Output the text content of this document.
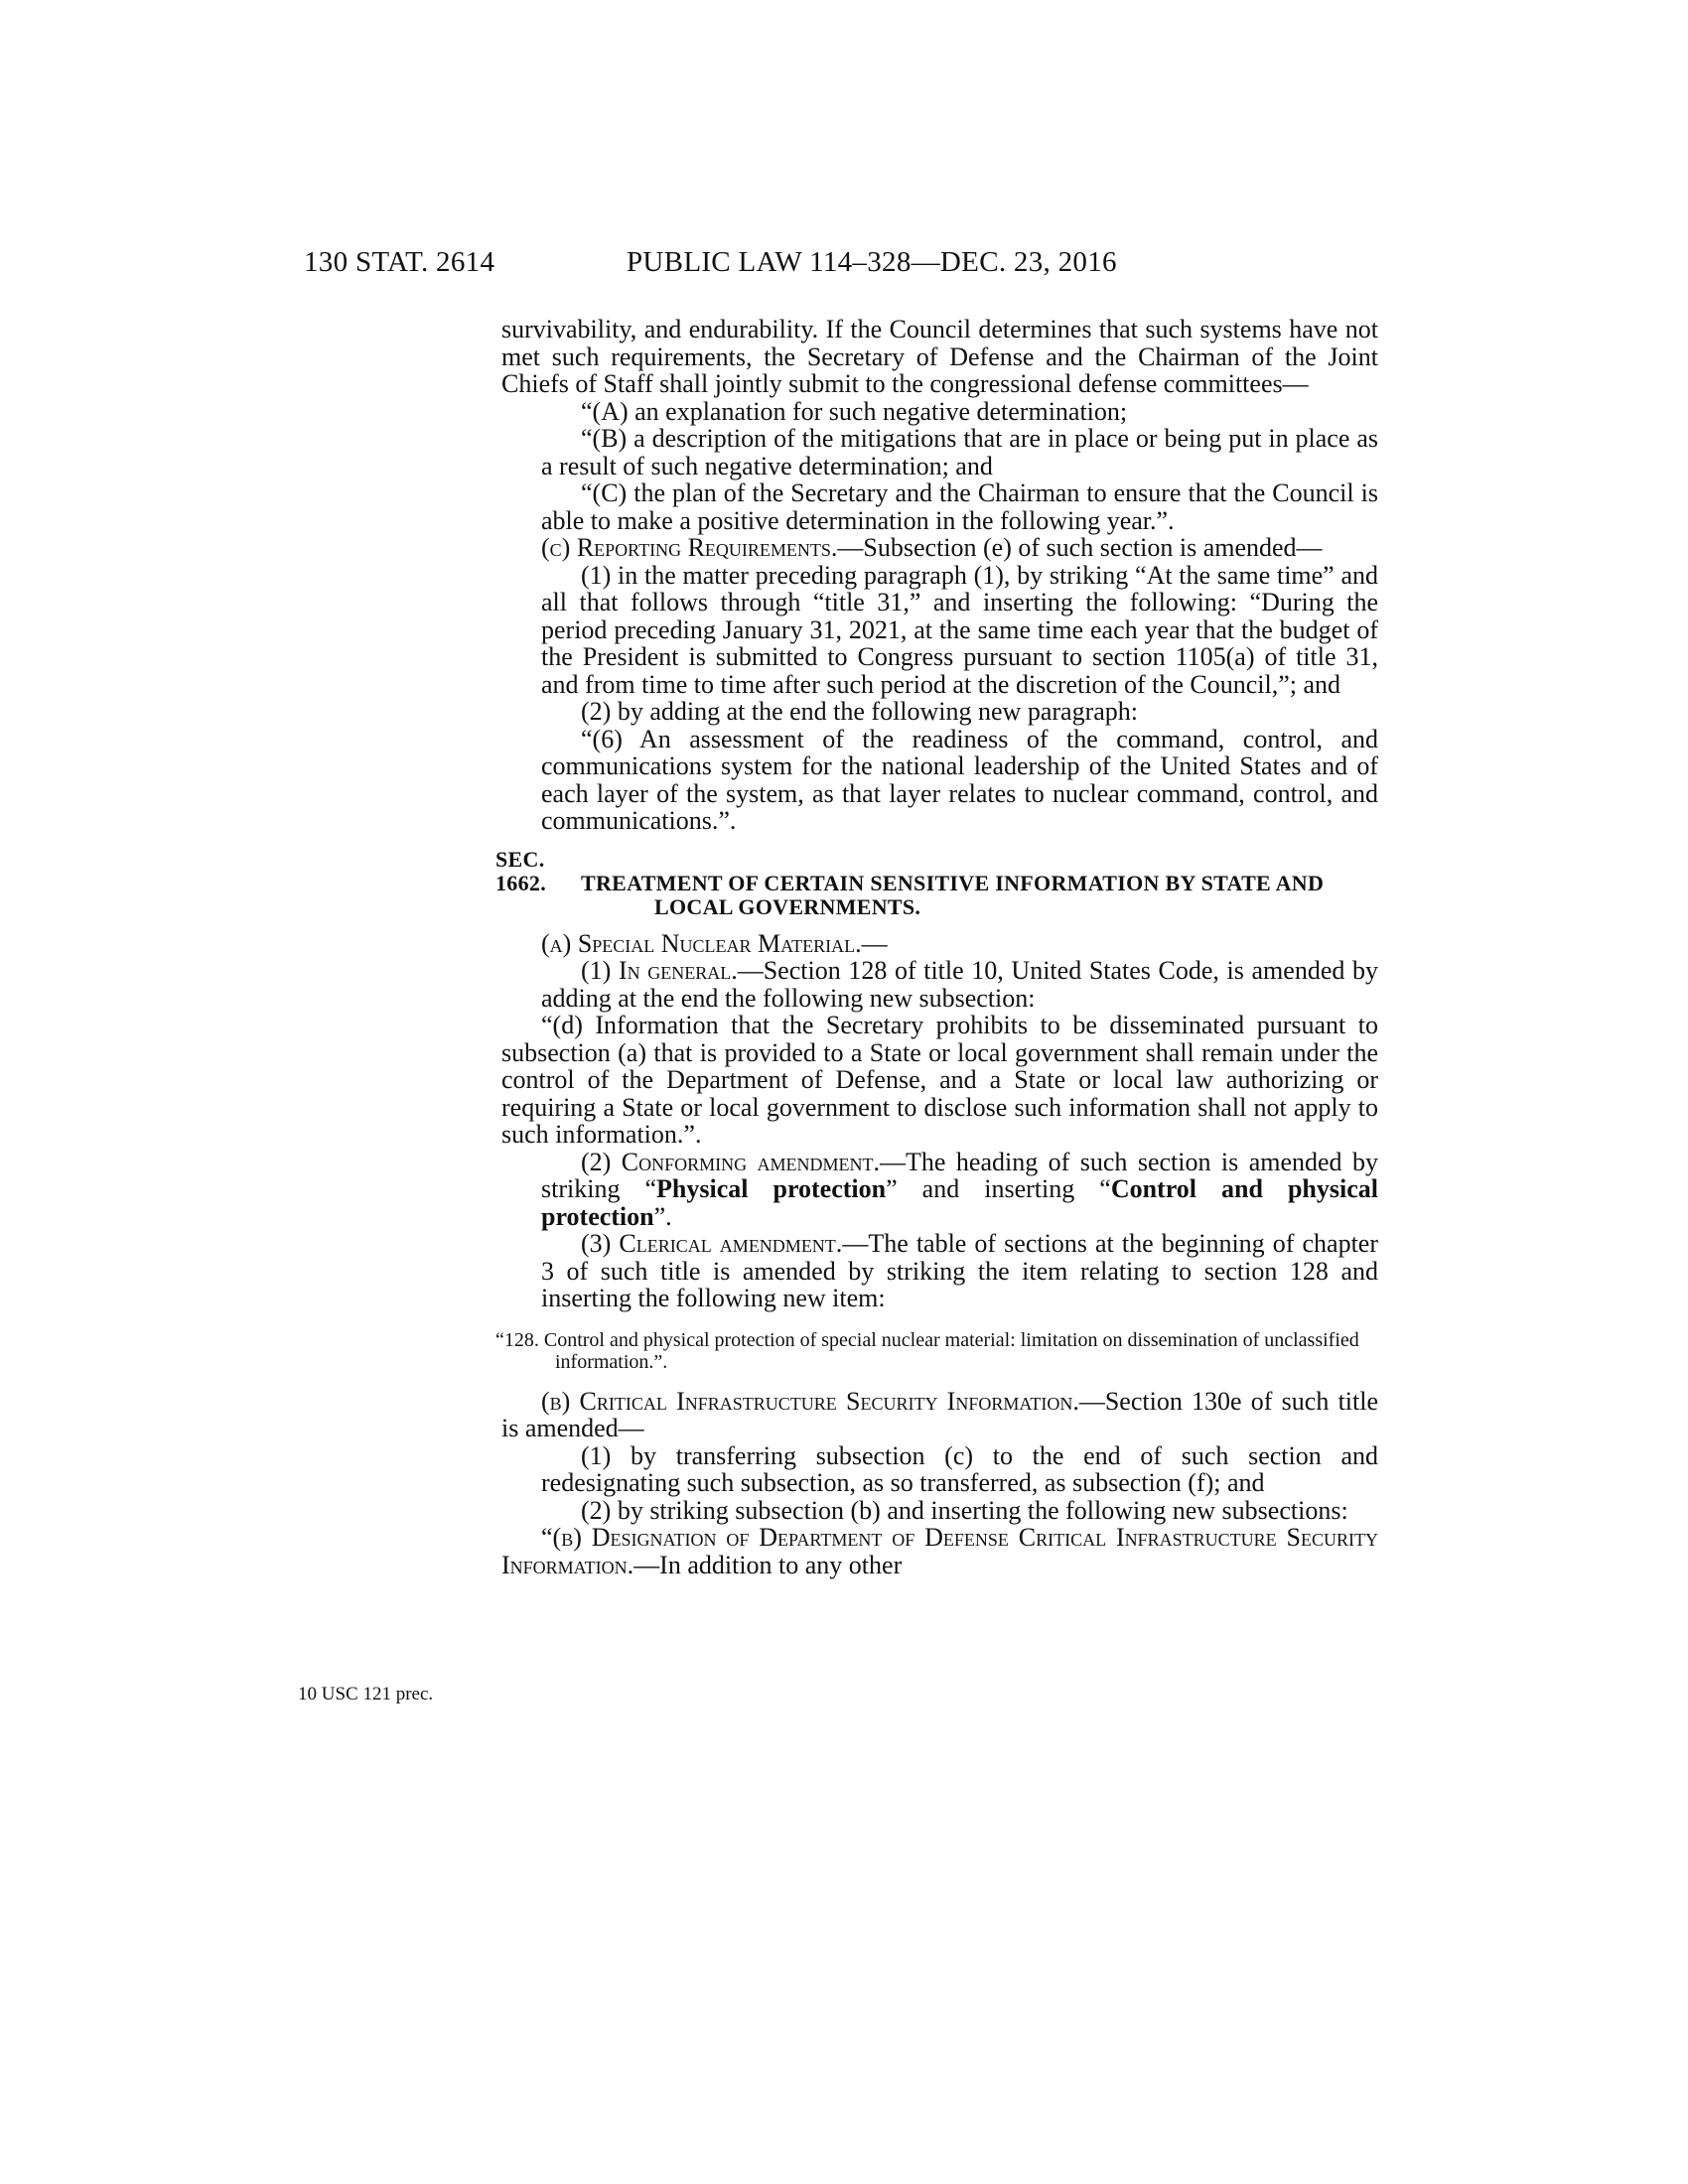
130 STAT. 2614	PUBLIC LAW 114–328—DEC. 23, 2016
10 USC 121 prec.

survivability, and endurability. If the Council determines that such systems have not met such requirements, the Secretary of Defense and the Chairman of the Joint Chiefs of Staff shall jointly submit to the congressional defense committees—

“(A) an explanation for such negative determination;

“(B) a description of the mitigations that are in place or being put in place as a result of such negative determination; and

“(C) the plan of the Secretary and the Chairman to ensure that the Council is able to make a positive determination in the following year.”.

(c) Reporting Requirements.—Subsection (e) of such section is amended—

(1) in the matter preceding paragraph (1), by striking “At the same time” and all that follows through “title 31,” and inserting the following: “During the period preceding January 31, 2021, at the same time each year that the budget of the President is submitted to Congress pursuant to section 1105(a) of title 31, and from time to time after such period at the discretion of the Council,”; and

(2) by adding at the end the following new paragraph:

“(6) An assessment of the readiness of the command, control, and communications system for the national leadership of the United States and of each layer of the system, as that layer relates to nuclear command, control, and communications.”.

SEC. 1662. TREATMENT OF CERTAIN SENSITIVE INFORMATION BY STATE AND LOCAL GOVERNMENTS.

(a) Special Nuclear Material.—

(1) In general.—Section 128 of title 10, United States Code, is amended by adding at the end the following new subsection:

“(d) Information that the Secretary prohibits to be disseminated pursuant to subsection (a) that is provided to a State or local government shall remain under the control of the Department of Defense, and a State or local law authorizing or requiring a State or local government to disclose such information shall not apply to such information.”.

(2) Conforming amendment.—The heading of such section is amended by striking “Physical protection” and inserting “Control and physical protection”.

(3) Clerical amendment.—The table of sections at the beginning of chapter 3 of such title is amended by striking the item relating to section 128 and inserting the following new item:

“128. Control and physical protection of special nuclear material: limitation on dissemination of unclassified information.”.

(b) Critical Infrastructure Security Information.—Section 130e of such title is amended—

(1) by transferring subsection (c) to the end of such section and redesignating such subsection, as so transferred, as subsection (f); and

(2) by striking subsection (b) and inserting the following new subsections:

“(b) Designation of Department of Defense Critical Infrastructure Security Information.—In addition to any other
